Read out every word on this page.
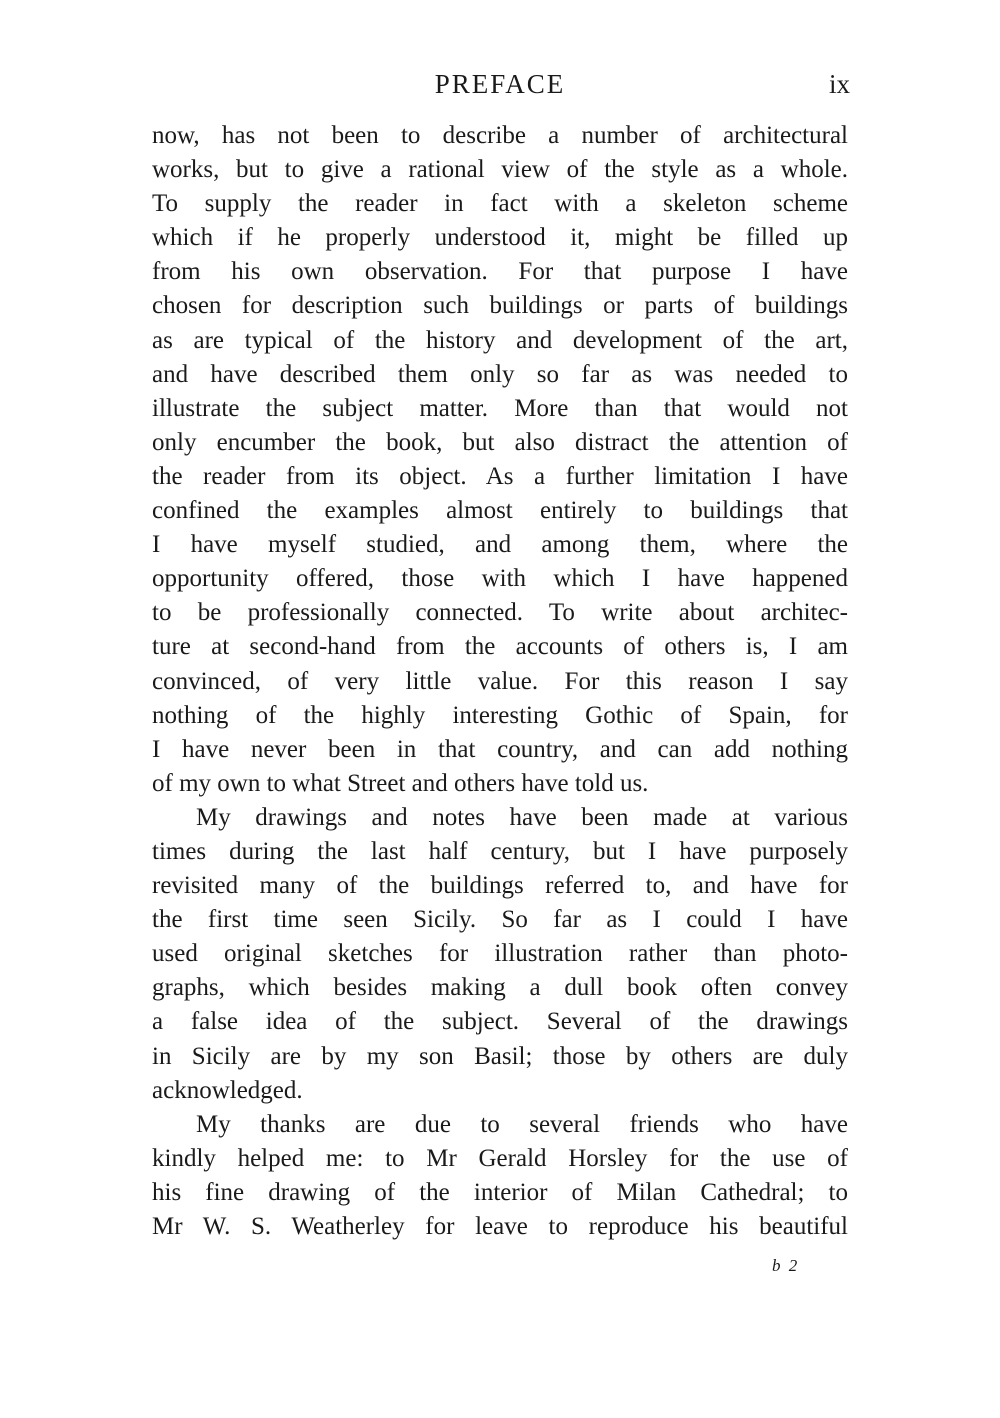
PREFACE	ix
now, has not been to describe a number of architectural
works, but to give a rational view of the style as a whole.
To supply the reader in fact with a skeleton scheme
which if he properly understood it, might be filled up
from his own observation. For that purpose I have
chosen for description such buildings or parts of buildings
as are typical of the history and development of the art,
and have described them only so far as was needed to
illustrate the subject matter. More than that would not
only encumber the book, but also distract the attention of
the reader from its object. As a further limitation I have
confined the examples almost entirely to buildings that
I have myself studied, and among them, where the
opportunity offered, those with which I have happened
to be professionally connected. To write about architec-
ture at second-hand from the accounts of others is, I am
convinced, of very little value. For this reason I say
nothing of the highly interesting Gothic of Spain, for
I have never been in that country, and can add nothing
of my own to what Street and others have told us.
My drawings and notes have been made at various
times during the last half century, but I have purposely
revisited many of the buildings referred to, and have for
the first time seen Sicily. So far as I could I have
used original sketches for illustration rather than photo-
graphs, which besides making a dull book often convey
a false idea of the subject. Several of the drawings
in Sicily are by my son Basil; those by others are duly
acknowledged.
My thanks are due to several friends who have
kindly helped me: to Mr Gerald Horsley for the use of
his fine drawing of the interior of Milan Cathedral; to
Mr W. S. Weatherley for leave to reproduce his beautiful
b 2
